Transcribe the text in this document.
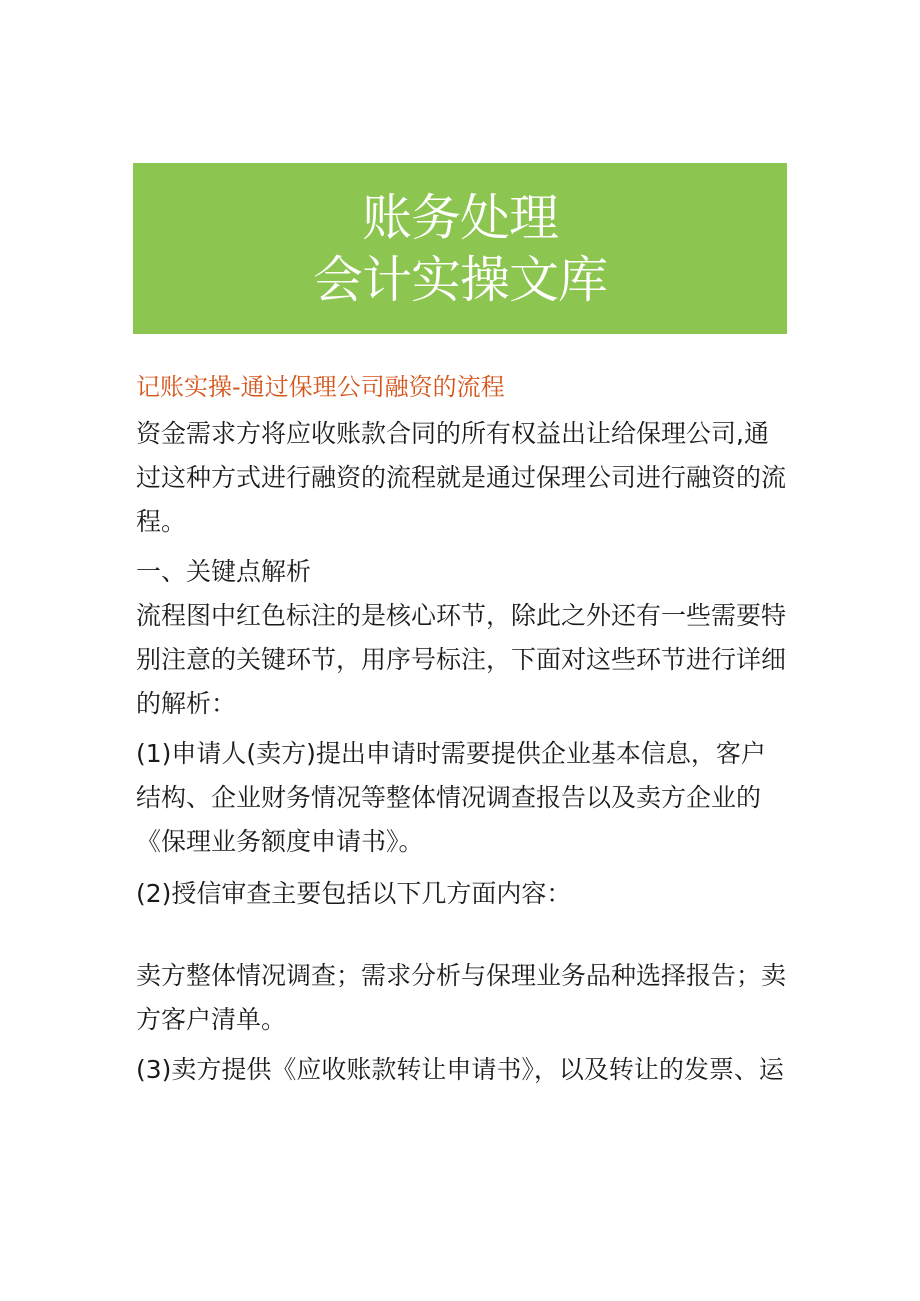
账务处理
会计实操文库
记账实操-通过保理公司融资的流程

资金需求方将应收账款合同的所有权益出让给保理公司,通过这种方式进行融资的流程就是通过保理公司进行融资的流程。

一、关键点解析

流程图中红色标注的是核心环节，除此之外还有一些需要特别注意的关键环节，用序号标注，下面对这些环节进行详细的解析：

(1)申请人(卖方)提出申请时需要提供企业基本信息，客户结构、企业财务情况等整体情况调查报告以及卖方企业的《保理业务额度申请书》。

(2)授信审查主要包括以下几方面内容：

卖方整体情况调查；需求分析与保理业务品种选择报告；卖方客户清单。

(3)卖方提供《应收账款转让申请书》，以及转让的发票、运
